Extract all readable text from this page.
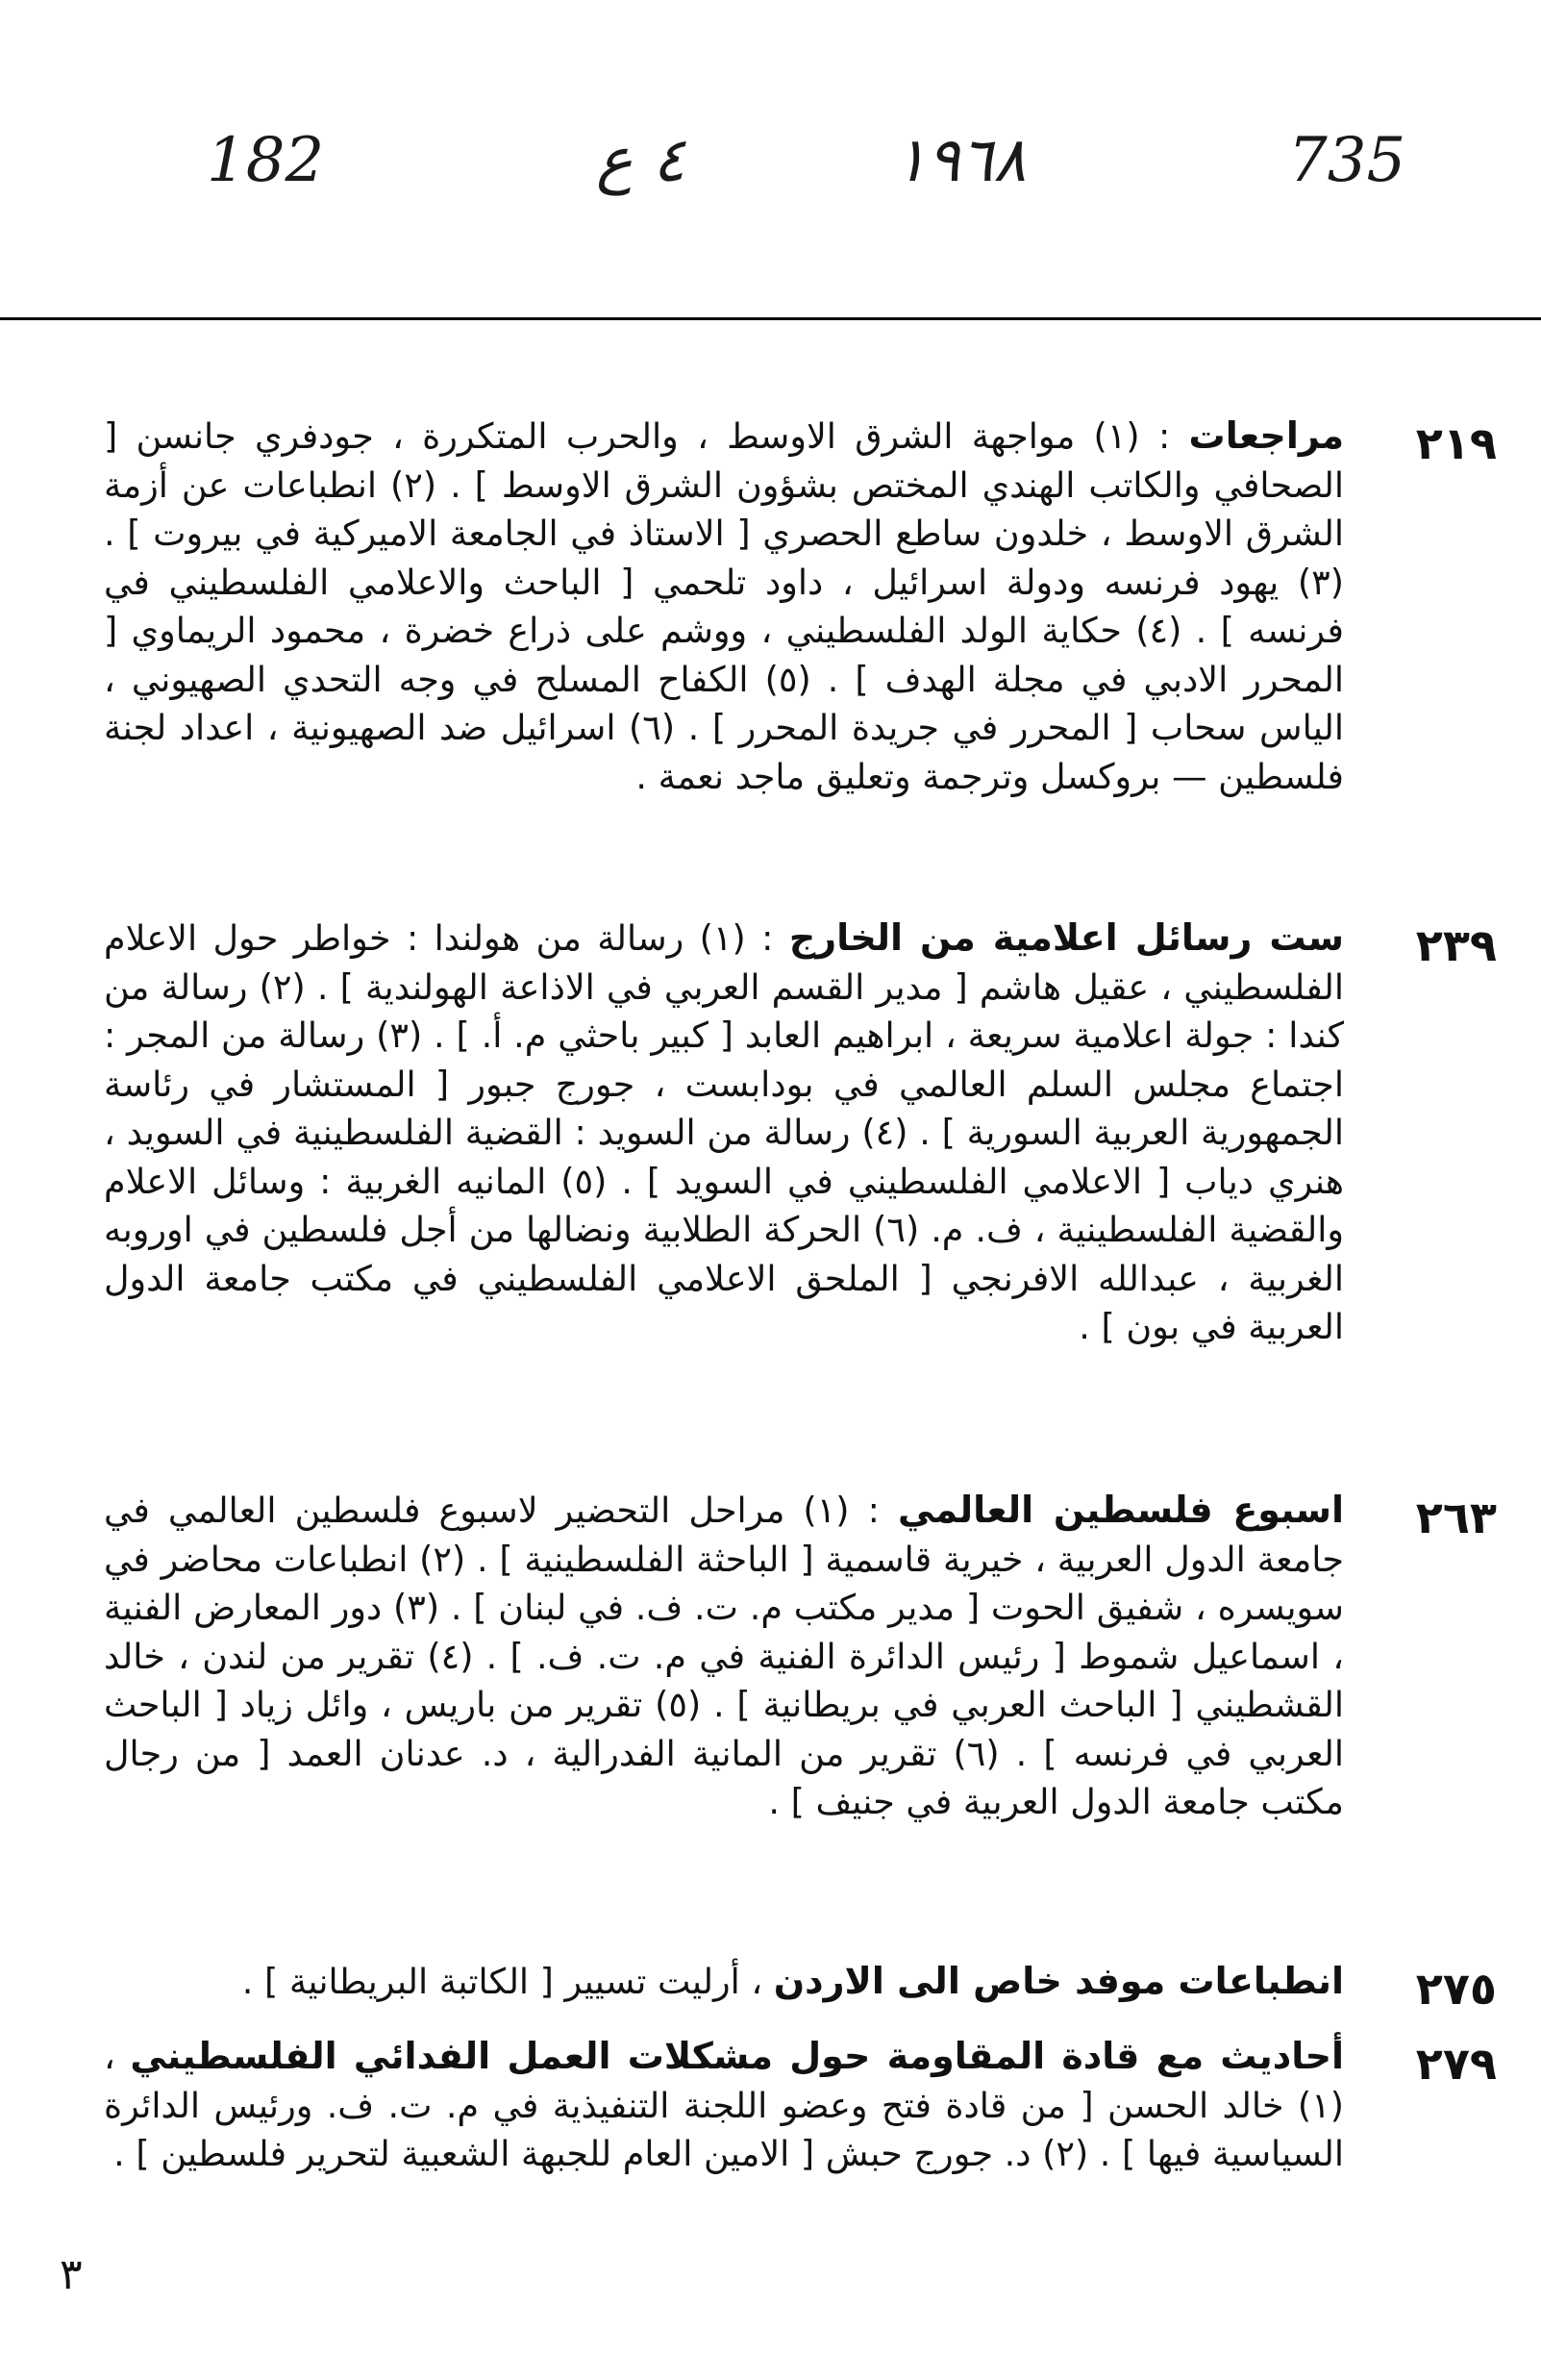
182	٤ ع	١٩٦٨	735
٢١٩
مراجعات : (١) مواجهة الشرق الاوسط ، والحرب المتكررة ، جودفري جانسن [ الصحافي والكاتب الهندي المختص بشؤون الشرق الاوسط ] . (٢) انطباعات عن أزمة الشرق الاوسط ، خلدون ساطع الحصري [ الاستاذ في الجامعة الاميركية في بيروت ] . (٣) يهود فرنسه ودولة اسرائيل ، داود تلحمي [ الباحث والاعلامي الفلسطيني في فرنسه ] . (٤) حكاية الولد الفلسطيني ، ووشم على ذراع خضرة ، محمود الريماوي [ المحرر الادبي في مجلة الهدف ] . (٥) الكفاح المسلح في وجه التحدي الصهيوني ، الياس سحاب [ المحرر في جريدة المحرر ] . (٦) اسرائيل ضد الصهيونية ، اعداد لجنة فلسطين — بروكسل وترجمة وتعليق ماجد نعمة .
٢٣٩
ست رسائل اعلامية من الخارج : (١) رسالة من هولندا : خواطر حول الاعلام الفلسطيني ، عقيل هاشم [ مدير القسم العربي في الاذاعة الهولندية ] . (٢) رسالة من كندا : جولة اعلامية سريعة ، ابراهيم العابد [ كبير باحثي م. أ. ] . (٣) رسالة من المجر : اجتماع مجلس السلم العالمي في بودابست ، جورج جبور [ المستشار في رئاسة الجمهورية العربية السورية ] . (٤) رسالة من السويد : القضية الفلسطينية في السويد ، هنري دياب [ الاعلامي الفلسطيني في السويد ] . (٥) المانيه الغربية : وسائل الاعلام والقضية الفلسطينية ، ف. م. (٦) الحركة الطلابية ونضالها من أجل فلسطين في اوروبه الغربية ، عبدالله الافرنجي [ الملحق الاعلامي الفلسطيني في مكتب جامعة الدول العربية في بون ] .
٢٦٣
اسبوع فلسطين العالمي : (١) مراحل التحضير لاسبوع فلسطين العالمي في جامعة الدول العربية ، خيرية قاسمية [ الباحثة الفلسطينية ] . (٢) انطباعات محاضر في سويسره ، شفيق الحوت [ مدير مكتب م. ت. ف. في لبنان ] . (٣) دور المعارض الفنية ، اسماعيل شموط [ رئيس الدائرة الفنية في م. ت. ف. ] . (٤) تقرير من لندن ، خالد القشطيني [ الباحث العربي في بريطانية ] . (٥) تقرير من باريس ، وائل زياد [ الباحث العربي في فرنسه ] . (٦) تقرير من المانية الفدرالية ، د. عدنان العمد [ من رجال مكتب جامعة الدول العربية في جنيف ] .
٢٧٥
انطباعات موفد خاص الى الاردن ، أرليت تسيير [ الكاتبة البريطانية ] .
٢٧٩
أحاديث مع قادة المقاومة حول مشكلات العمل الفدائي الفلسطيني ، (١) خالد الحسن [ من قادة فتح وعضو اللجنة التنفيذية في م. ت. ف. ورئيس الدائرة السياسية فيها ] . (٢) د. جورج حبش [ الامين العام للجبهة الشعبية لتحرير فلسطين ] .
٣
